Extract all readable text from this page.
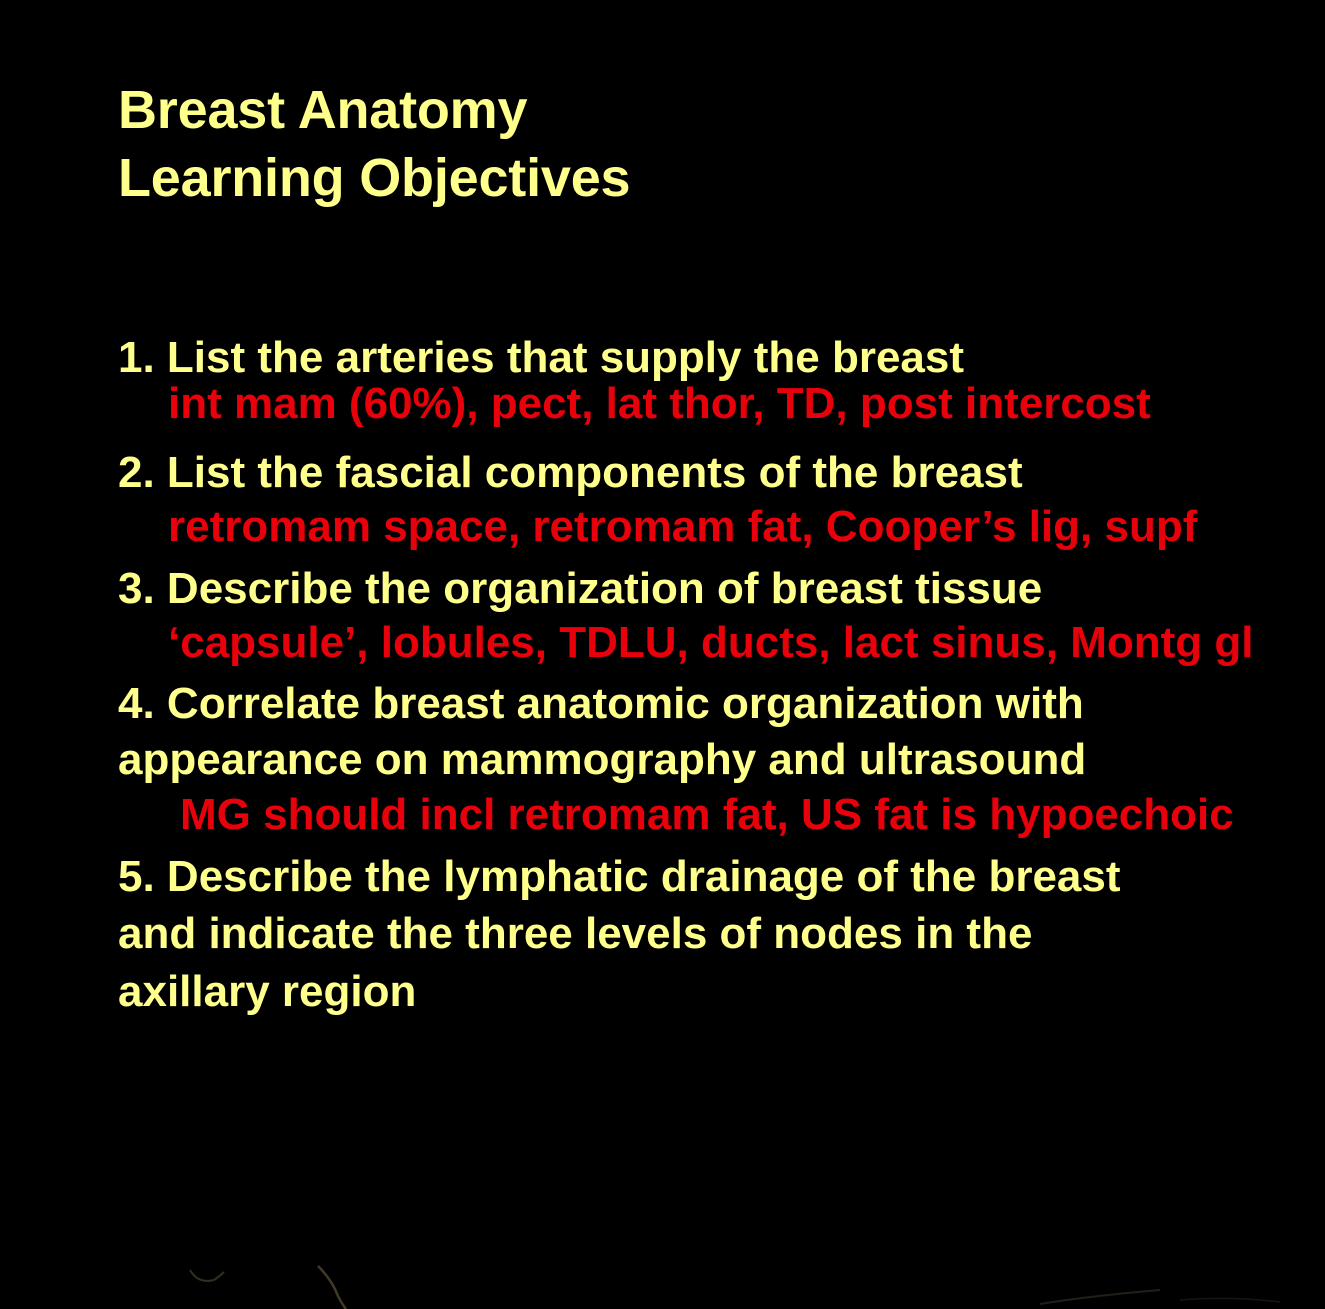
Breast Anatomy
Learning Objectives
1. List the arteries that supply the breast
int mam (60%), pect, lat thor, TD, post intercost
2. List the fascial components of the breast
retromam space, retromam fat, Cooper’s lig, supf
3. Describe the organization of breast tissue
‘capsule’, lobules, TDLU, ducts, lact sinus, Montg gl
4. Correlate breast anatomic organization with
appearance on mammography and ultrasound
MG should incl retromam fat, US fat is hypoechoic
5. Describe the lymphatic drainage of the breast
and indicate the three levels of nodes in the
axillary region
